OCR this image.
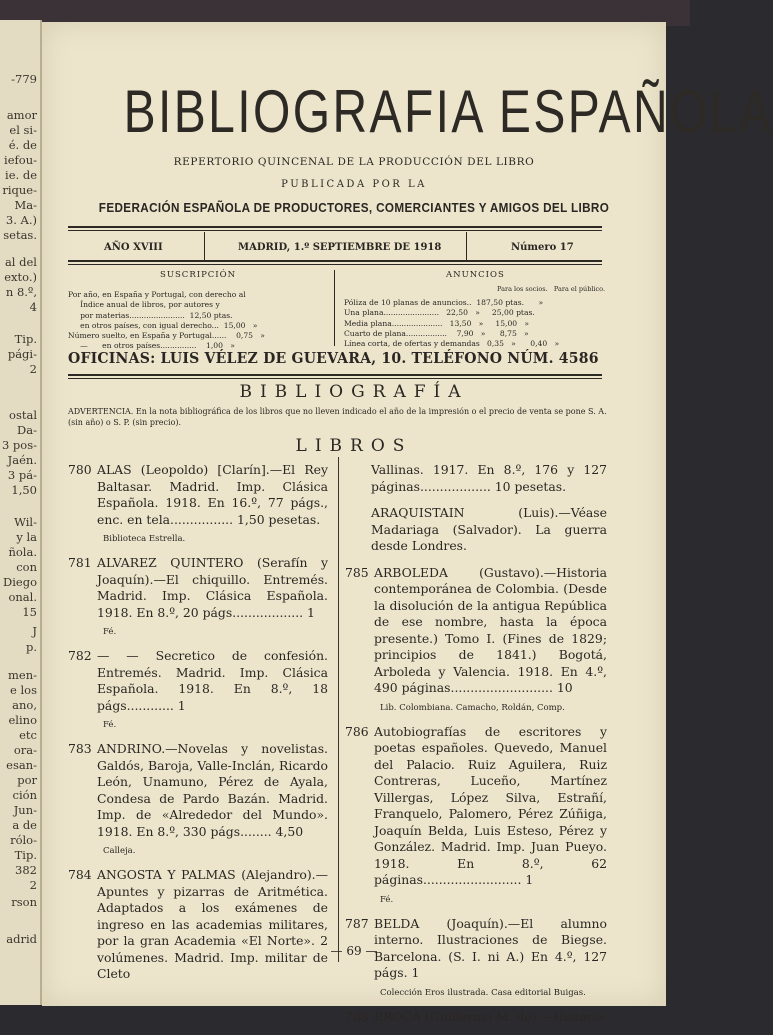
-779
amor
el si-
é. de
iefou-
ie. de
rique-
Ma-
3. A.)
setas.
al del
exto.)
n 8.º,
4
Tip.
pági-
2
ostal
Da-
3 pos-
Jaén.
3 pá-
1,50
Wil-
y la
ñola.
con
Diego
onal.
15
J
p.
men-
e los
ano,
elino
etc
ora-
esan-
por
ción
Jun-
a de
rólo-
Tip.
382
2
rson
adrid
BIBLIOGRAFIA ESPAÑOLA
REPERTORIO QUINCENAL DE LA PRODUCCIÓN DEL LIBRO
PUBLICADA POR LA
FEDERACIÓN ESPAÑOLA DE PRODUCTORES, COMERCIANTES Y AMIGOS DEL LIBRO
AÑO XVIII	MADRID, 1.º SEPTIEMBRE DE 1918	Número 17
SUSCRIPCIÓN
Por año, en España y Portugal, con derecho al
Índice anual de libros, por autores y
por materias.......................  12,50 ptas.
en otros países, con igual derecho...  15,00   »
Número suelto, en España y Portugal......    0,75   »
—      en otros países...............    1,00   »
ANUNCIOS
Para los socios.   Para el público.
Póliza de 10 planas de anuncios..  187,50 ptas.      »
Una plana.......................   22,50   »     25,00 ptas.
Media plana.....................   13,50   »     15,00   »
Cuarto de plana.................    7,90   »      8,75   »
Línea corta, de ofertas y demandas   0,35   »      0,40   »
OFICINAS: LUIS VÉLEZ DE GUEVARA, 10. TELÉFONO NÚM. 4586
BIBLIOGRAFÍA
ADVERTENCIA. En la nota bibliográfica de los libros que no lleven indicado el año de la impresión o el precio de venta se pone S. A. (sin año) o S. P. (sin precio).
LIBROS
780 ALAS (Leopoldo) [Clarín].—El Rey Baltasar. Madrid. Imp. Clásica Española. 1918. En 16.º, 77 págs., enc. en tela................ 1,50 pesetas.
Biblioteca Estrella.
781 ALVAREZ QUINTERO (Serafín y Joaquín).—El chiquillo. Entremés. Madrid. Imp. Clásica Española. 1918. En 8.º, 20 págs.................. 1
Fé.
782 — — Secretico de confesión. Entremés. Madrid. Imp. Clásica Española. 1918. En 8.º, 18 págs............ 1
Fé.
783 ANDRINO.—Novelas y novelistas. Galdós, Baroja, Valle-Inclán, Ricardo León, Unamuno, Pérez de Ayala, Condesa de Pardo Bazán. Madrid. Imp. de «Alrededor del Mundo». 1918. En 8.º, 330 págs........ 4,50
Calleja.
784 ANGOSTA Y PALMAS (Alejandro).—Apuntes y pizarras de Aritmética. Adaptados a los exámenes de ingreso en las academias militares, por la gran Academia «El Norte». 2 volúmenes. Madrid. Imp. militar de Cleto
Vallinas. 1917. En 8.º, 176 y 127 páginas.................. 10 pesetas.
ARAQUISTAIN (Luis).—Véase Madariaga (Salvador). La guerra desde Londres.
785 ARBOLEDA (Gustavo).—Historia contemporánea de Colombia. (Desde la disolución de la antigua República de ese nombre, hasta la época presente.) Tomo I. (Fines de 1829; principios de 1841.) Bogotá, Arboleda y Valencia. 1918. En 4.º, 490 páginas.......................... 10
Lib. Colombiana. Camacho, Roldán, Comp.
786 Autobiografías de escritores y poetas españoles. Quevedo, Manuel del Palacio. Ruiz Aguilera, Ruiz Contreras, Luceño, Martínez Villergas, López Silva, Estrañí, Franquelo, Palomero, Pérez Zúñiga, Joaquín Belda, Luis Esteso, Pérez y González. Madrid. Imp. Juan Pueyo. 1918. En 8.º, 62 páginas......................... 1
Fé.
787 BELDA (Joaquín).—El alumno interno. Ilustraciones de Biegse. Barcelona. (S. I. ni A.) En 4.º, 127 págs. 1
Colección Eros ilustrada. Casa editorial Buigas.
788 BROCÁ (Guillermo M. de).—Historia
— 69 —
